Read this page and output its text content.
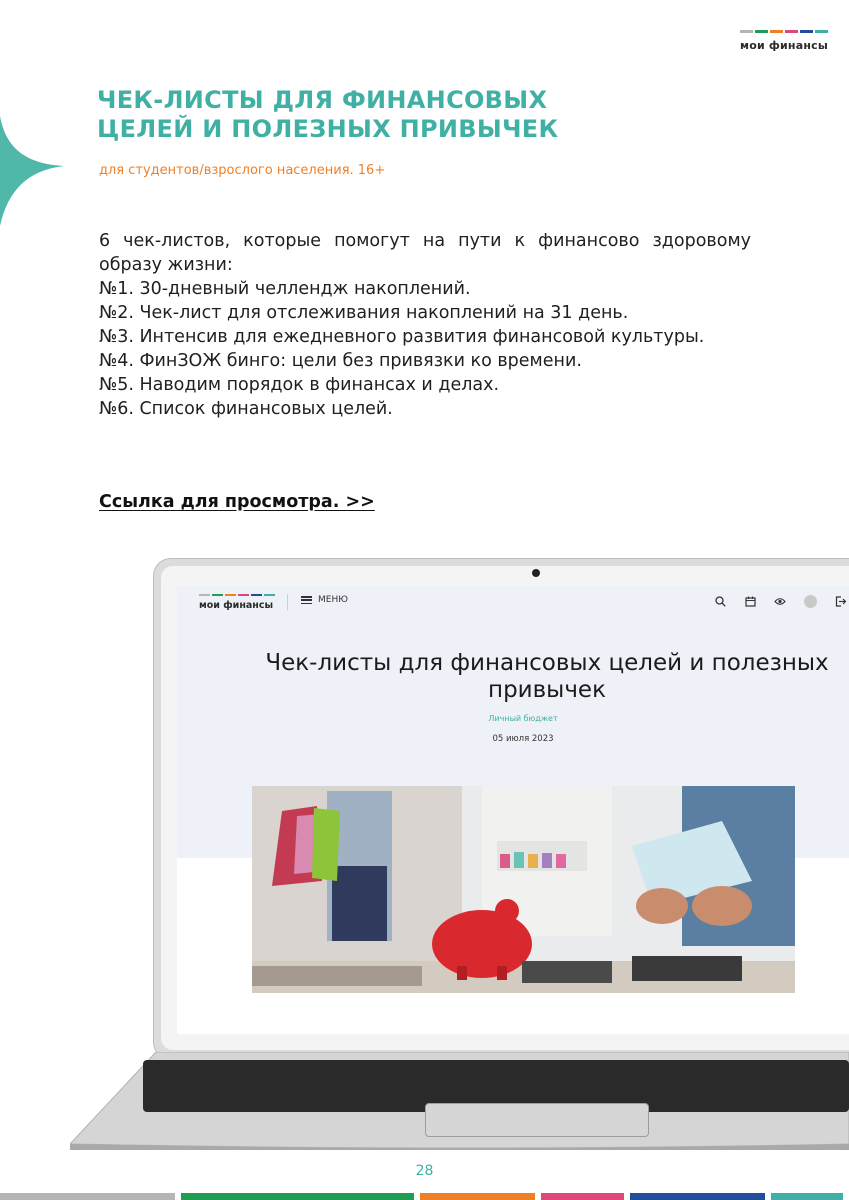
мои финансы
ЧЕК-ЛИСТЫ ДЛЯ ФИНАНСОВЫХ
ЦЕЛЕЙ И ПОЛЕЗНЫХ ПРИВЫЧЕК
для студентов/взрослого населения. 16+

6 чек-листов, которые помогут на пути к финансово здоровому образу жизни:

№1. 30-дневный челлендж накоплений.

№2. Чек-лист для отслеживания накоплений на 31 день.

№3. Интенсив для ежедневного развития финансовой культуры.

№4. ФинЗОЖ бинго: цели без привязки ко времени.

№5. Наводим порядок в финансах и делах.

№6. Список финансовых целей.

Ссылка для просмотра. >>
мои финансы	МЕНЮ
Чек-листы для финансовых целей и полезных привычек
Личный бюджет
05 июля 2023
28
